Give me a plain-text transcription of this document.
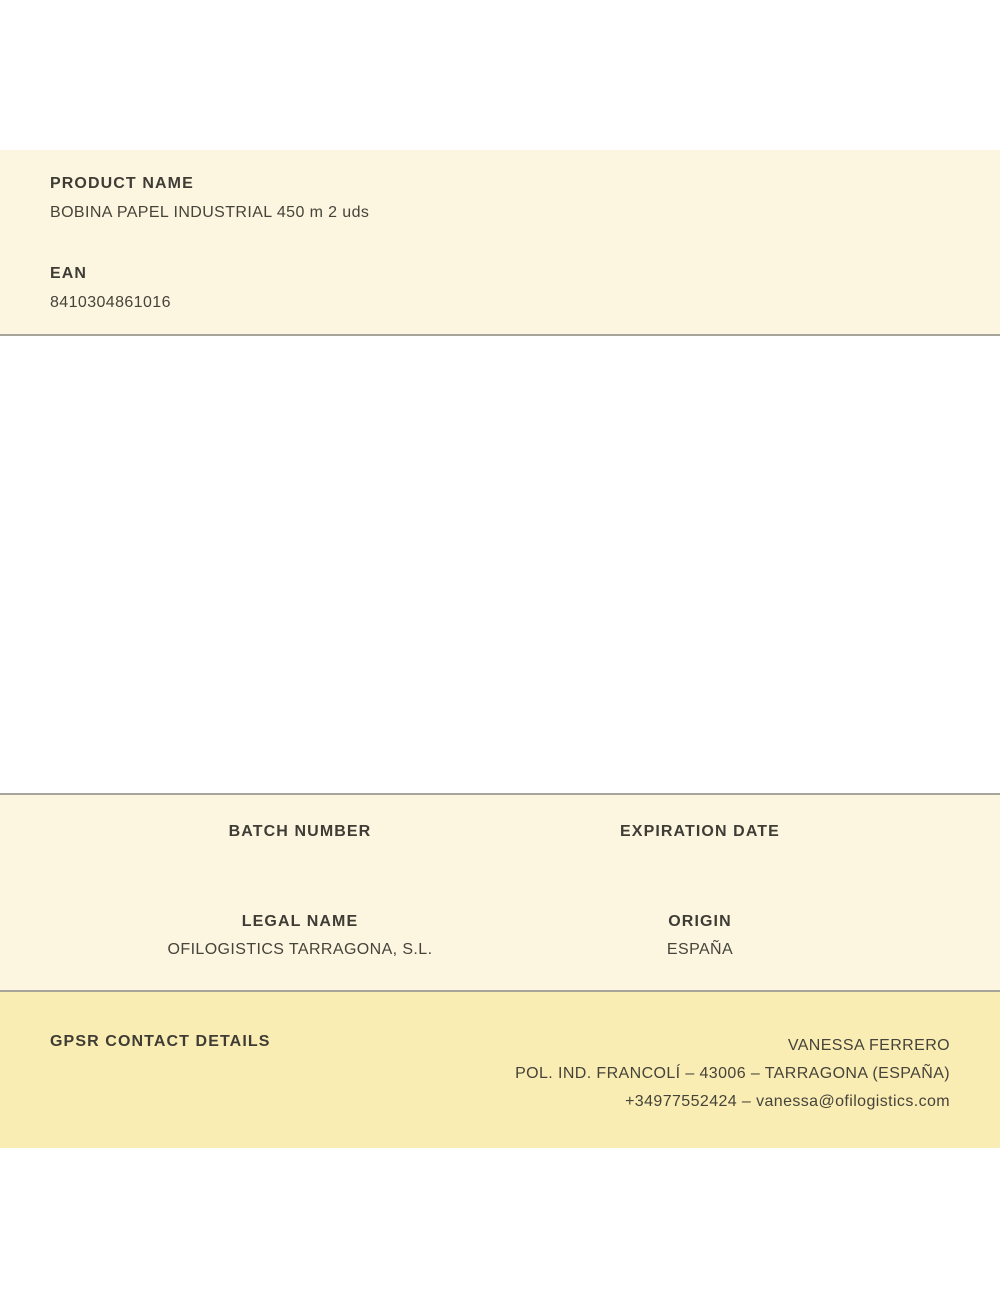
PRODUCT NAME
BOBINA PAPEL INDUSTRIAL 450 m 2 uds
EAN
8410304861016
BATCH NUMBER
LEGAL NAME
OFILOGISTICS TARRAGONA, S.L.
EXPIRATION DATE
ORIGIN
ESPAÑA
GPSR CONTACT DETAILS	VANESSA FERRERO
POL. IND. FRANCOLÍ – 43006 – TARRAGONA (ESPAÑA)
+34977552424 – vanessa@ofilogistics.com
